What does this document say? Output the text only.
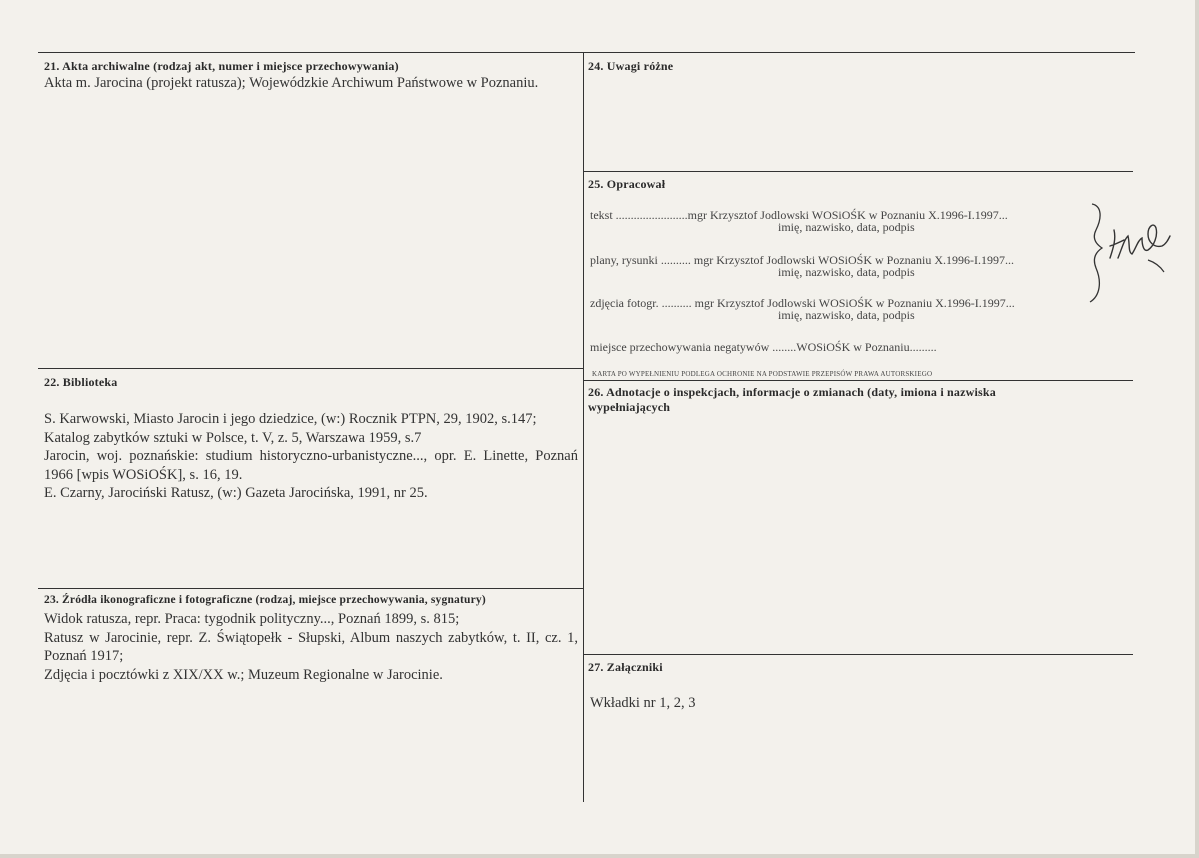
21. Akta archiwalne (rodzaj akt, numer i miejsce przechowywania)

Akta m. Jarocina (projekt ratusza); Wojewódzkie Archiwum Państwowe w Poznaniu.

22. Biblioteka

S. Karwowski, Miasto Jarocin i jego dziedzice, (w:) Rocznik PTPN, 29, 1902, s.147;

Katalog zabytków sztuki w Polsce, t. V, z. 5, Warszawa 1959, s.7

Jarocin, woj. poznańskie: studium historyczno-urbanistyczne..., opr. E. Linette, Poznań 1966 [wpis WOSiOŚK], s. 16, 19.

E. Czarny, Jarociński Ratusz, (w:) Gazeta Jarocińska, 1991, nr 25.

23. Źródła ikonograficzne i fotograficzne (rodzaj, miejsce przechowywania, sygnatury)

Widok ratusza, repr. Praca: tygodnik polityczny..., Poznań 1899, s. 815;

Ratusz w Jarocinie, repr. Z. Świątopełk - Słupski, Album naszych zabytków, t. II, cz. 1, Poznań 1917;

Zdjęcia i pocztówki z XIX/XX w.; Muzeum Regionalne w Jarocinie.

24. Uwagi różne
25. Opracował
tekst ........................mgr Krzysztof Jodlowski WOSiOŚK w Poznaniu X.1996-I.1997...
imię, nazwisko, data, podpis
plany, rysunki .......... mgr Krzysztof Jodlowski WOSiOŚK w Poznaniu X.1996-I.1997...
imię, nazwisko, data, podpis
zdjęcia fotogr. .......... mgr Krzysztof Jodlowski WOSiOŚK w Poznaniu X.1996-I.1997...
imię, nazwisko, data, podpis
miejsce przechowywania negatywów ........WOSiOŚK w Poznaniu.........
KARTA PO WYPEŁNIENIU PODLEGA OCHRONIE NA PODSTAWIE PRZEPISÓW PRAWA AUTORSKIEGO
26. Adnotacje o inspekcjach, informacje o zmianach (daty, imiona i nazwiska wypełniających
27. Załączniki
Wkładki nr 1, 2, 3
